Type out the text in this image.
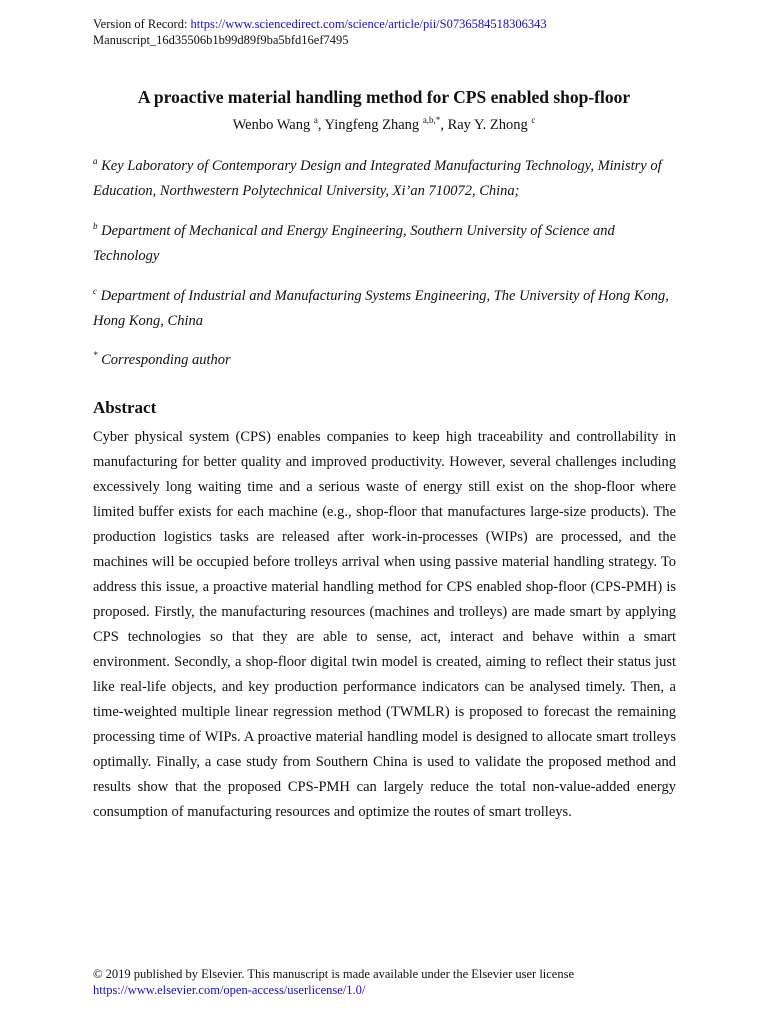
Version of Record: https://www.sciencedirect.com/science/article/pii/S0736584518306343
Manuscript_16d35506b1b99d89f9ba5bfd16ef7495
A proactive material handling method for CPS enabled shop-floor
Wenbo Wang $^a$, Yingfeng Zhang $^{a,b,*}$, Ray Y. Zhong $^c$
$^a$ Key Laboratory of Contemporary Design and Integrated Manufacturing Technology, Ministry of Education, Northwestern Polytechnical University, Xi’an 710072, China;
$^b$ Department of Mechanical and Energy Engineering, Southern University of Science and Technology
$^c$ Department of Industrial and Manufacturing Systems Engineering, The University of Hong Kong, Hong Kong, China
* Corresponding author
Abstract
Cyber physical system (CPS) enables companies to keep high traceability and controllability in manufacturing for better quality and improved productivity. However, several challenges including excessively long waiting time and a serious waste of energy still exist on the shop-floor where limited buffer exists for each machine (e.g., shop-floor that manufactures large-size products). The production logistics tasks are released after work-in-processes (WIPs) are processed, and the machines will be occupied before trolleys arrival when using passive material handling strategy. To address this issue, a proactive material handling method for CPS enabled shop-floor (CPS-PMH) is proposed. Firstly, the manufacturing resources (machines and trolleys) are made smart by applying CPS technologies so that they are able to sense, act, interact and behave within a smart environment. Secondly, a shop-floor digital twin model is created, aiming to reflect their status just like real-life objects, and key production performance indicators can be analysed timely. Then, a time-weighted multiple linear regression method (TWMLR) is proposed to forecast the remaining processing time of WIPs. A proactive material handling model is designed to allocate smart trolleys optimally. Finally, a case study from Southern China is used to validate the proposed method and results show that the proposed CPS-PMH can largely reduce the total non-value-added energy consumption of manufacturing resources and optimize the routes of smart trolleys.
© 2019 published by Elsevier. This manuscript is made available under the Elsevier user license
https://www.elsevier.com/open-access/userlicense/1.0/
